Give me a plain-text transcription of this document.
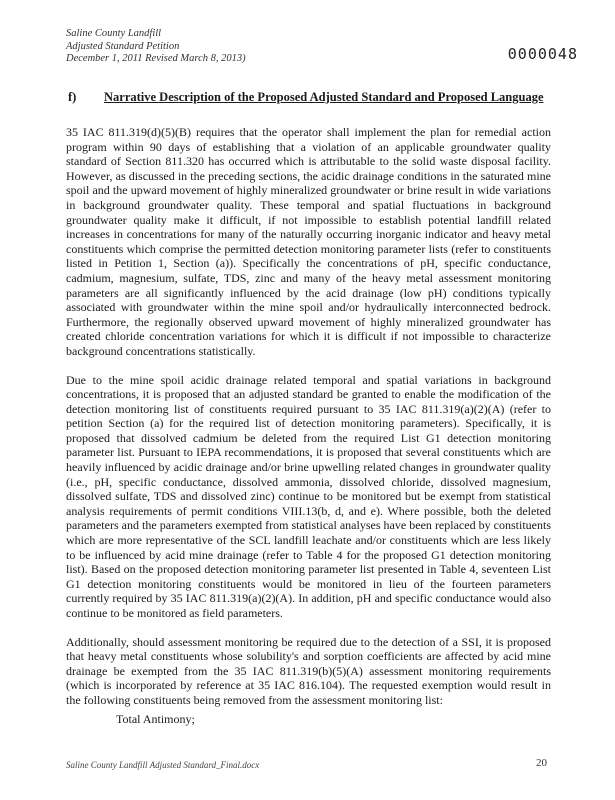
Saline County Landfill
Adjusted Standard Petition
December 1, 2011 Revised March 8, 2013)	0000048
f) Narrative Description of the Proposed Adjusted Standard and Proposed Language

35 IAC 811.319(d)(5)(B) requires that the operator shall implement the plan for remedial action program within 90 days of establishing that a violation of an applicable groundwater quality standard of Section 811.320 has occurred which is attributable to the solid waste disposal facility. However, as discussed in the preceding sections, the acidic drainage conditions in the saturated mine spoil and the upward movement of highly mineralized groundwater or brine result in wide variations in background groundwater quality. These temporal and spatial fluctuations in background groundwater quality make it difficult, if not impossible to establish potential landfill related increases in concentrations for many of the naturally occurring inorganic indicator and heavy metal constituents which comprise the permitted detection monitoring parameter lists (refer to constituents listed in Petition 1, Section (a)). Specifically the concentrations of pH, specific conductance, cadmium, magnesium, sulfate, TDS, zinc and many of the heavy metal assessment monitoring parameters are all significantly influenced by the acid drainage (low pH) conditions typically associated with groundwater within the mine spoil and/or hydraulically interconnected bedrock. Furthermore, the regionally observed upward movement of highly mineralized groundwater has created chloride concentration variations for which it is difficult if not impossible to characterize background concentrations statistically.

Due to the mine spoil acidic drainage related temporal and spatial variations in background concentrations, it is proposed that an adjusted standard be granted to enable the modification of the detection monitoring list of constituents required pursuant to 35 IAC 811.319(a)(2)(A) (refer to petition Section (a) for the required list of detection monitoring parameters). Specifically, it is proposed that dissolved cadmium be deleted from the required List G1 detection monitoring parameter list. Pursuant to IEPA recommendations, it is proposed that several constituents which are heavily influenced by acidic drainage and/or brine upwelling related changes in groundwater quality (i.e., pH, specific conductance, dissolved ammonia, dissolved chloride, dissolved magnesium, dissolved sulfate, TDS and dissolved zinc) continue to be monitored but be exempt from statistical analysis requirements of permit conditions VIII.13(b, d, and e). Where possible, both the deleted parameters and the parameters exempted from statistical analyses have been replaced by constituents which are more representative of the SCL landfill leachate and/or constituents which are less likely to be influenced by acid mine drainage (refer to Table 4 for the proposed G1 detection monitoring list). Based on the proposed detection monitoring parameter list presented in Table 4, seventeen List G1 detection monitoring constituents would be monitored in lieu of the fourteen parameters currently required by 35 IAC 811.319(a)(2)(A). In addition, pH and specific conductance would also continue to be monitored as field parameters.

Additionally, should assessment monitoring be required due to the detection of a SSI, it is proposed that heavy metal constituents whose solubility's and sorption coefficients are affected by acid mine drainage be exempted from the 35 IAC 811.319(b)(5)(A) assessment monitoring requirements (which is incorporated by reference at 35 IAC 816.104). The requested exemption would result in the following constituents being removed from the assessment monitoring list:

Total Antimony;
Saline County Landfill Adjusted Standard_Final.docx	20
